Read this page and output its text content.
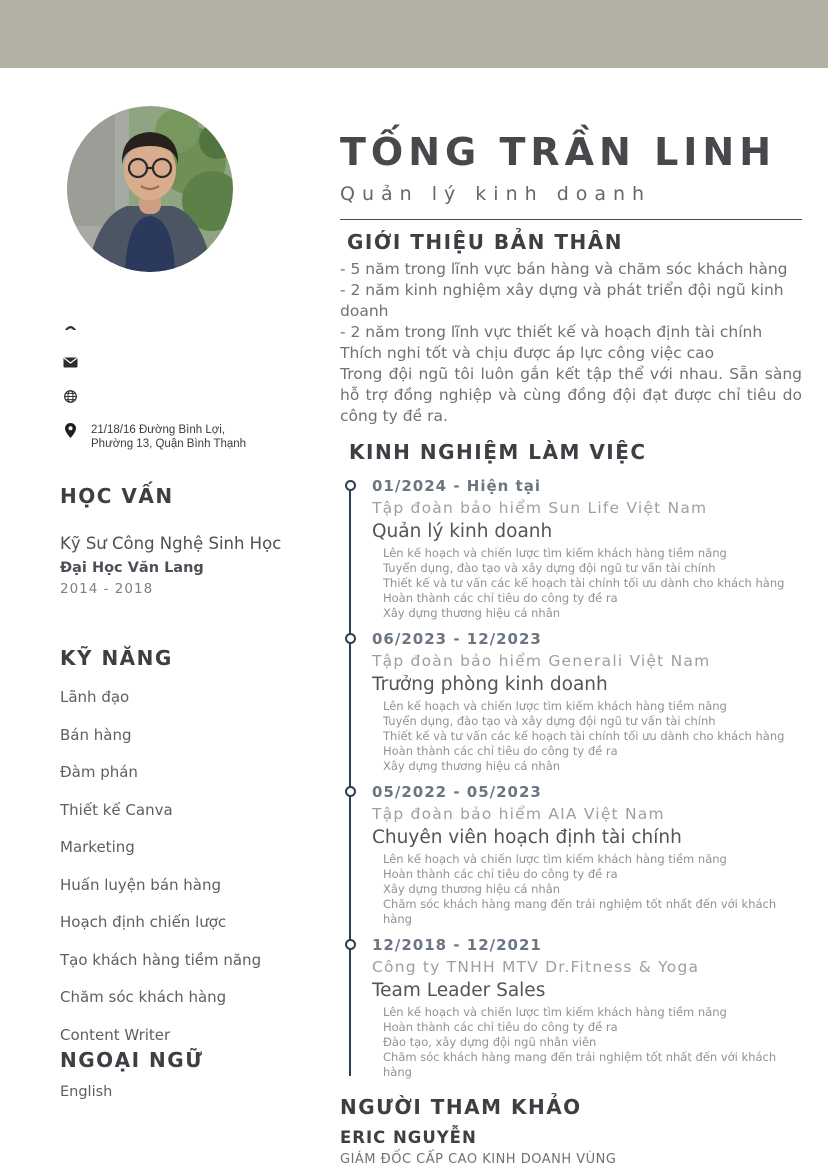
21/18/16 Đường Bình Lợi,
Phường 13, Quận Bình Thạnh
HỌC VẤN
Kỹ Sư Công Nghệ Sinh Học
Đại Học Văn Lang
2014 - 2018
KỸ NĂNG
Lãnh đạo
Bán hàng
Đàm phán
Thiết kế Canva
Marketing
Huấn luyện bán hàng
Hoạch định chiến lược
Tạo khách hàng tiềm năng
Chăm sóc khách hàng
Content Writer
NGOẠI NGỮ
English
TỐNG TRẦN LINH
Quản lý kinh doanh
GIỚI THIỆU BẢN THÂN
- 5 năm trong lĩnh vực bán hàng và chăm sóc khách hàng
- 2 năm kinh nghiệm xây dựng và phát triển đội ngũ kinh doanh
- 2 năm trong lĩnh vực thiết kế và hoạch định tài chính
Thích nghi tốt và chịu được áp lực công việc cao
Trong đội ngũ tôi luôn gắn kết tập thể với nhau. Sẵn sàng hỗ trợ đồng nghiệp và cùng đồng đội đạt được chỉ tiêu do công ty đề ra.
KINH NGHIỆM LÀM VIỆC
01/2024 - Hiện tại
Tập đoàn bảo hiểm Sun Life Việt Nam
Quản lý kinh doanh
Lên kế hoạch và chiến lược tìm kiếm khách hàng tiềm năng
Tuyển dụng, đào tạo và xây dựng đội ngũ tư vấn tài chính
Thiết kế và tư vấn các kế hoạch tài chính tối ưu dành cho khách hàng
Hoàn thành các chỉ tiêu do công ty đề ra
Xây dựng thương hiệu cá nhân
06/2023 - 12/2023
Tập đoàn bảo hiểm Generali Việt Nam
Trưởng phòng kinh doanh
Lên kế hoạch và chiến lược tìm kiếm khách hàng tiềm năng
Tuyển dụng, đào tạo và xây dựng đội ngũ tư vấn tài chính
Thiết kế và tư vấn các kế hoạch tài chính tối ưu dành cho khách hàng
Hoàn thành các chỉ tiêu do công ty đề ra
Xây dựng thương hiệu cá nhân
05/2022 - 05/2023
Tập đoàn bảo hiểm AIA Việt Nam
Chuyên viên hoạch định tài chính
Lên kế hoạch và chiến lược tìm kiếm khách hàng tiềm năng
Hoàn thành các chỉ tiêu do công ty đề ra
Xây dựng thương hiệu cá nhân
Chăm sóc khách hàng mang đến trải nghiệm tốt nhất đến với khách hàng
12/2018 - 12/2021
Công ty TNHH MTV Dr.Fitness & Yoga
Team Leader Sales
Lên kế hoạch và chiến lược tìm kiếm khách hàng tiềm năng
Hoàn thành các chỉ tiêu do công ty đề ra
Đào tạo, xây dựng đội ngũ nhân viên
Chăm sóc khách hàng mang đến trải nghiệm tốt nhất đến với khách hàng
NGƯỜI THAM KHẢO
ERIC NGUYỄN
GIÁM ĐỐC CẤP CAO KINH DOANH VÙNG
